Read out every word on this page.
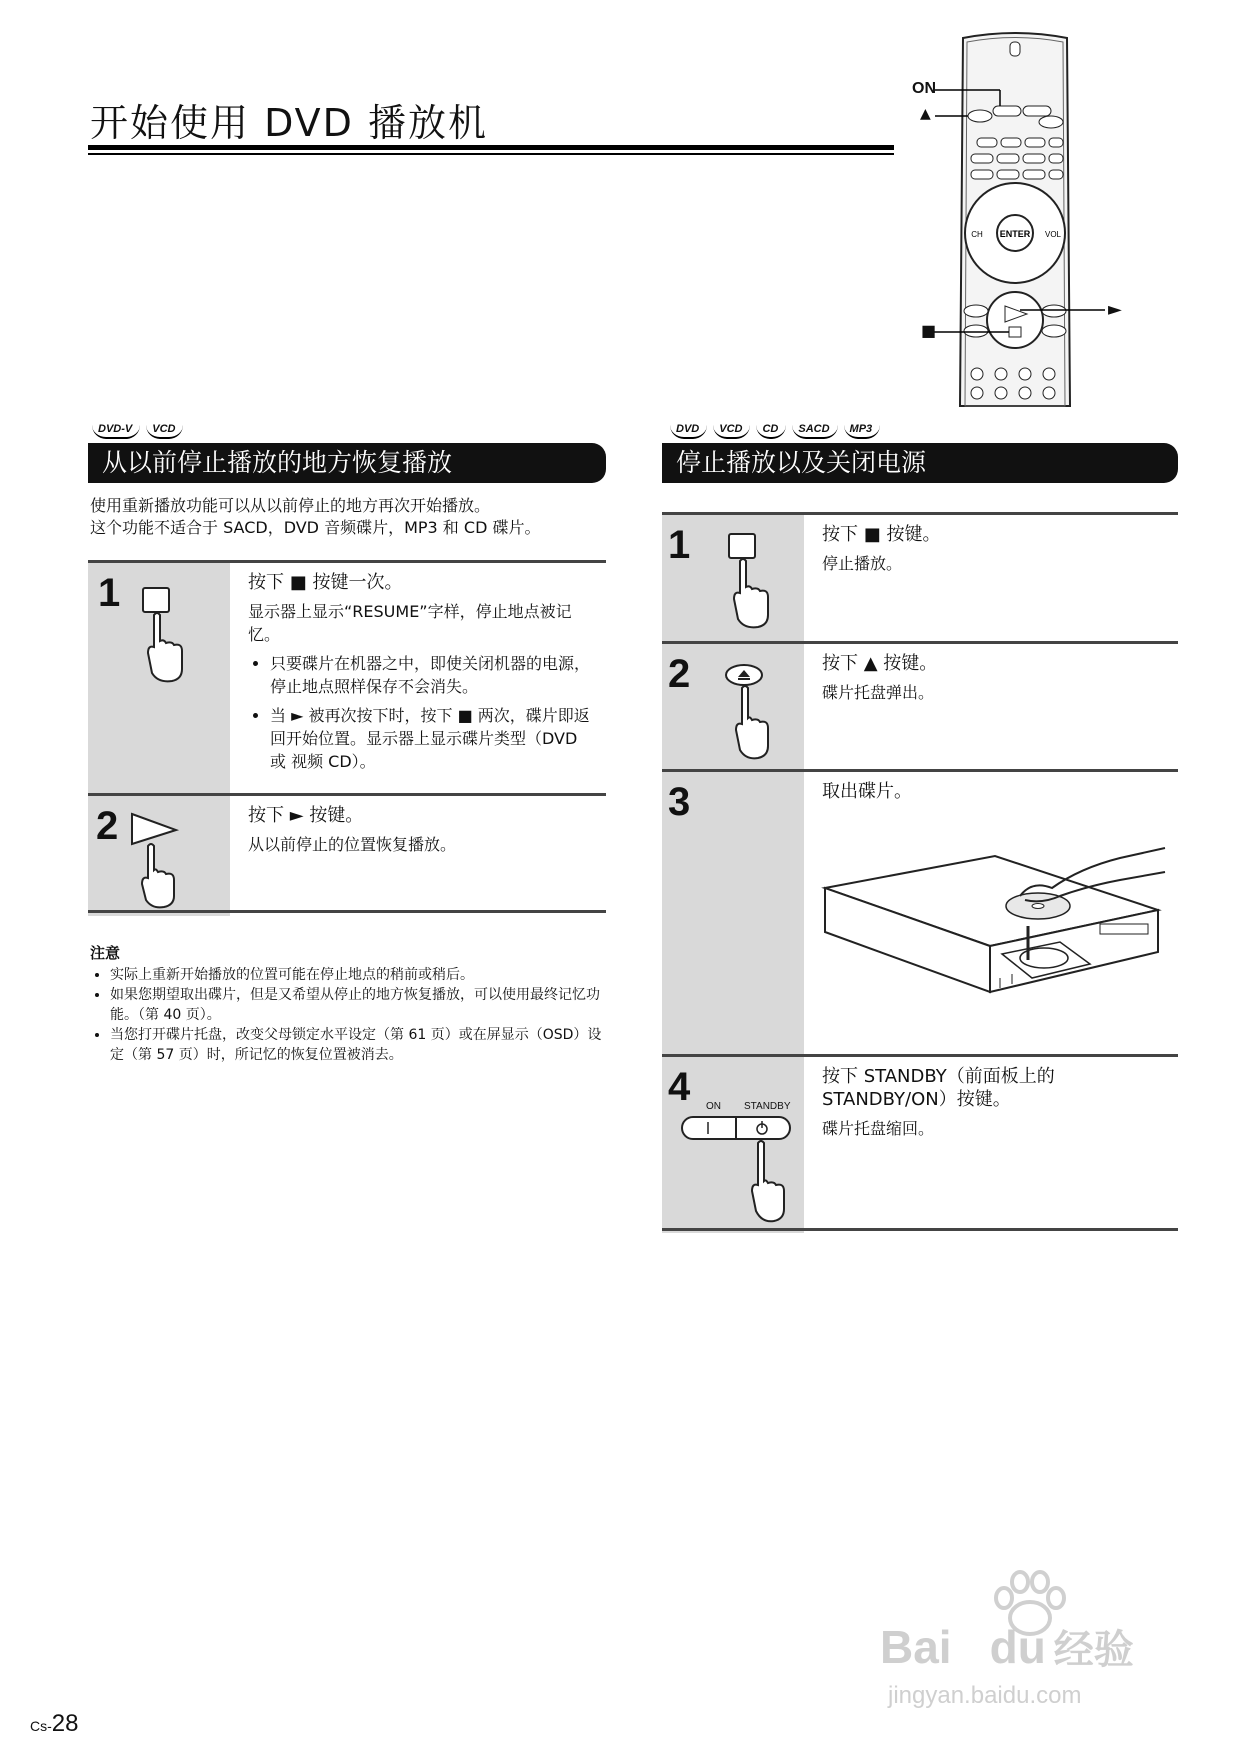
开始使用 DVD 播放机
ENTER
CH	VOL
ON
▲
►
■
DVD-V	VCD
从以前停止播放的地方恢复播放
使用重新播放功能可以从以前停止的地方再次开始播放。
这个功能不适合于 SACD，DVD 音频碟片，MP3 和 CD 碟片。
1	按下 ■ 按键一次。
显示器上显示“RESUME”字样，停止地点被记忆。
• 只要碟片在机器之中，即使关闭机器的电源，停止地点照样保存不会消失。
• 当 ► 被再次按下时，按下 ■ 两次，碟片即返回开始位置。显示器上显示碟片类型（DVD 或 视频 CD）。
2	按下 ► 按键。
从以前停止的位置恢复播放。
注意
• 实际上重新开始播放的位置可能在停止地点的稍前或稍后。
• 如果您期望取出碟片，但是又希望从停止的地方恢复播放，可以使用最终记忆功能。（第 40 页）。
• 当您打开碟片托盘，改变父母锁定水平设定（第 61 页）或在屏显示（OSD）设定（第 57 页）时，所记忆的恢复位置被消去。
DVD	VCD	CD	SACD	MP3
停止播放以及关闭电源
1	按下 ■ 按键。
停止播放。
2	按下 ▲ 按键。
碟片托盘弹出。
3	取出碟片。
4 ON STANDBY
按下 STANDBY（前面板上的 STANDBY/ON）按键。
碟片托盘缩回。
Cs-28
Bai du 经验
jingyan.baidu.com
